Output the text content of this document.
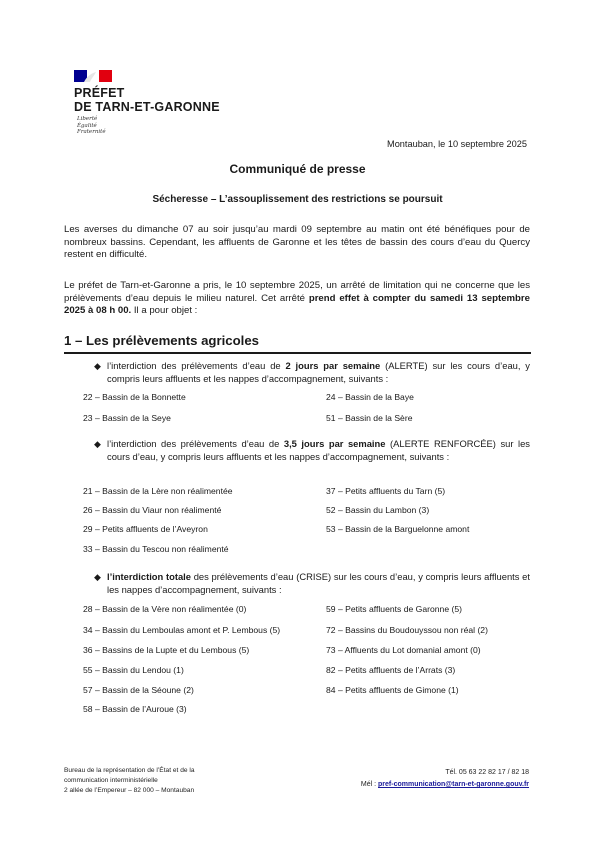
PRÉFET
DE TARN-ET-GARONNE
Liberté
Égalité
Fraternité
Montauban, le 10 septembre 2025
Communiqué de presse
Sécheresse – L’assouplissement des restrictions se poursuit
Les averses du dimanche 07 au soir jusqu’au mardi 09 septembre au matin ont été bénéfiques pour de nombreux bassins. Cependant, les affluents de Garonne et les têtes de bassin des cours d’eau du Quercy restent en difficulté.
Le préfet de Tarn-et-Garonne a pris, le 10 septembre 2025, un arrêté de limitation qui ne concerne que les prélèvements d’eau depuis le milieu naturel. Cet arrêté prend effet à compter du samedi 13 septembre 2025 à 08 h 00. Il a pour objet :
1 – Les prélèvements agricoles
◆ l’interdiction des prélèvements d’eau de 2 jours par semaine (ALERTE) sur les cours d’eau, y compris leurs affluents et les nappes d’accompagnement, suivants :
22 – Bassin de la Bonnette
23 – Bassin de la Seye
24 – Bassin de la Baye
51 – Bassin de la Sère
◆ l’interdiction des prélèvements d’eau de 3,5 jours par semaine (ALERTE RENFORCÉE) sur les cours d’eau, y compris leurs affluents et les nappes d’accompagnement, suivants :
21 – Bassin de la Lère non réalimentée
26 – Bassin du Viaur non réalimenté
29 – Petits affluents de l’Aveyron
33 – Bassin du Tescou non réalimenté
37 – Petits affluents du Tarn (5)
52 – Bassin du Lambon (3)
53 – Bassin de la Barguelonne amont
◆ l’interdiction totale des prélèvements d’eau (CRISE) sur les cours d’eau, y compris leurs affluents et les nappes d’accompagnement, suivants :
28 – Bassin de la Vère non réalimentée (0)
34 – Bassin du Lemboulas amont et P. Lembous (5)
36 – Bassins de la Lupte et du Lembous (5)
55 – Bassin du Lendou (1)
57 – Bassin de la Séoune (2)
58 – Bassin de l’Auroue (3)
59 – Petits affluents de Garonne (5)
72 – Bassins du Boudouyssou non réal (2)
73 – Affluents du Lot domanial amont (0)
82 – Petits affluents de l’Arrats (3)
84 – Petits affluents de Gimone (1)
Bureau de la représentation de l’État et de la
communication interministérielle
2 allée de l’Empereur – 82 000 – Montauban
Tél. 05 63 22 82 17 / 82 18
Mél : pref-communication@tarn-et-garonne.gouv.fr
